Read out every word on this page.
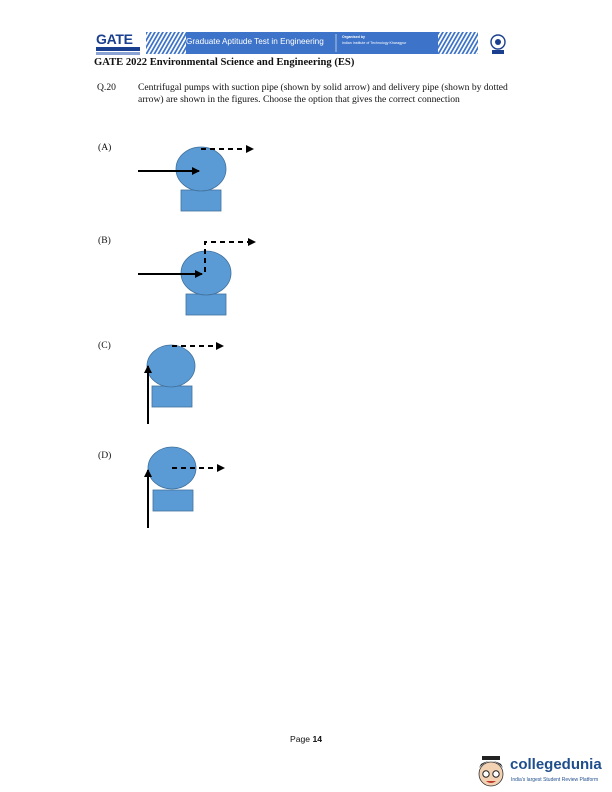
GATE	Graduate Aptitude Test in Engineering	Organised by
Indian Institute of Technology Kharagpur
GATE 2022 Environmental Science and Engineering (ES)
Q.20 Centrifugal pumps with suction pipe (shown by solid arrow) and delivery pipe (shown by dotted arrow) are shown in the figures. Choose the option that gives the correct connection
(A)
(B)
(C)
(D)
Page 14
collegedunia
India's largest Student Review Platform
